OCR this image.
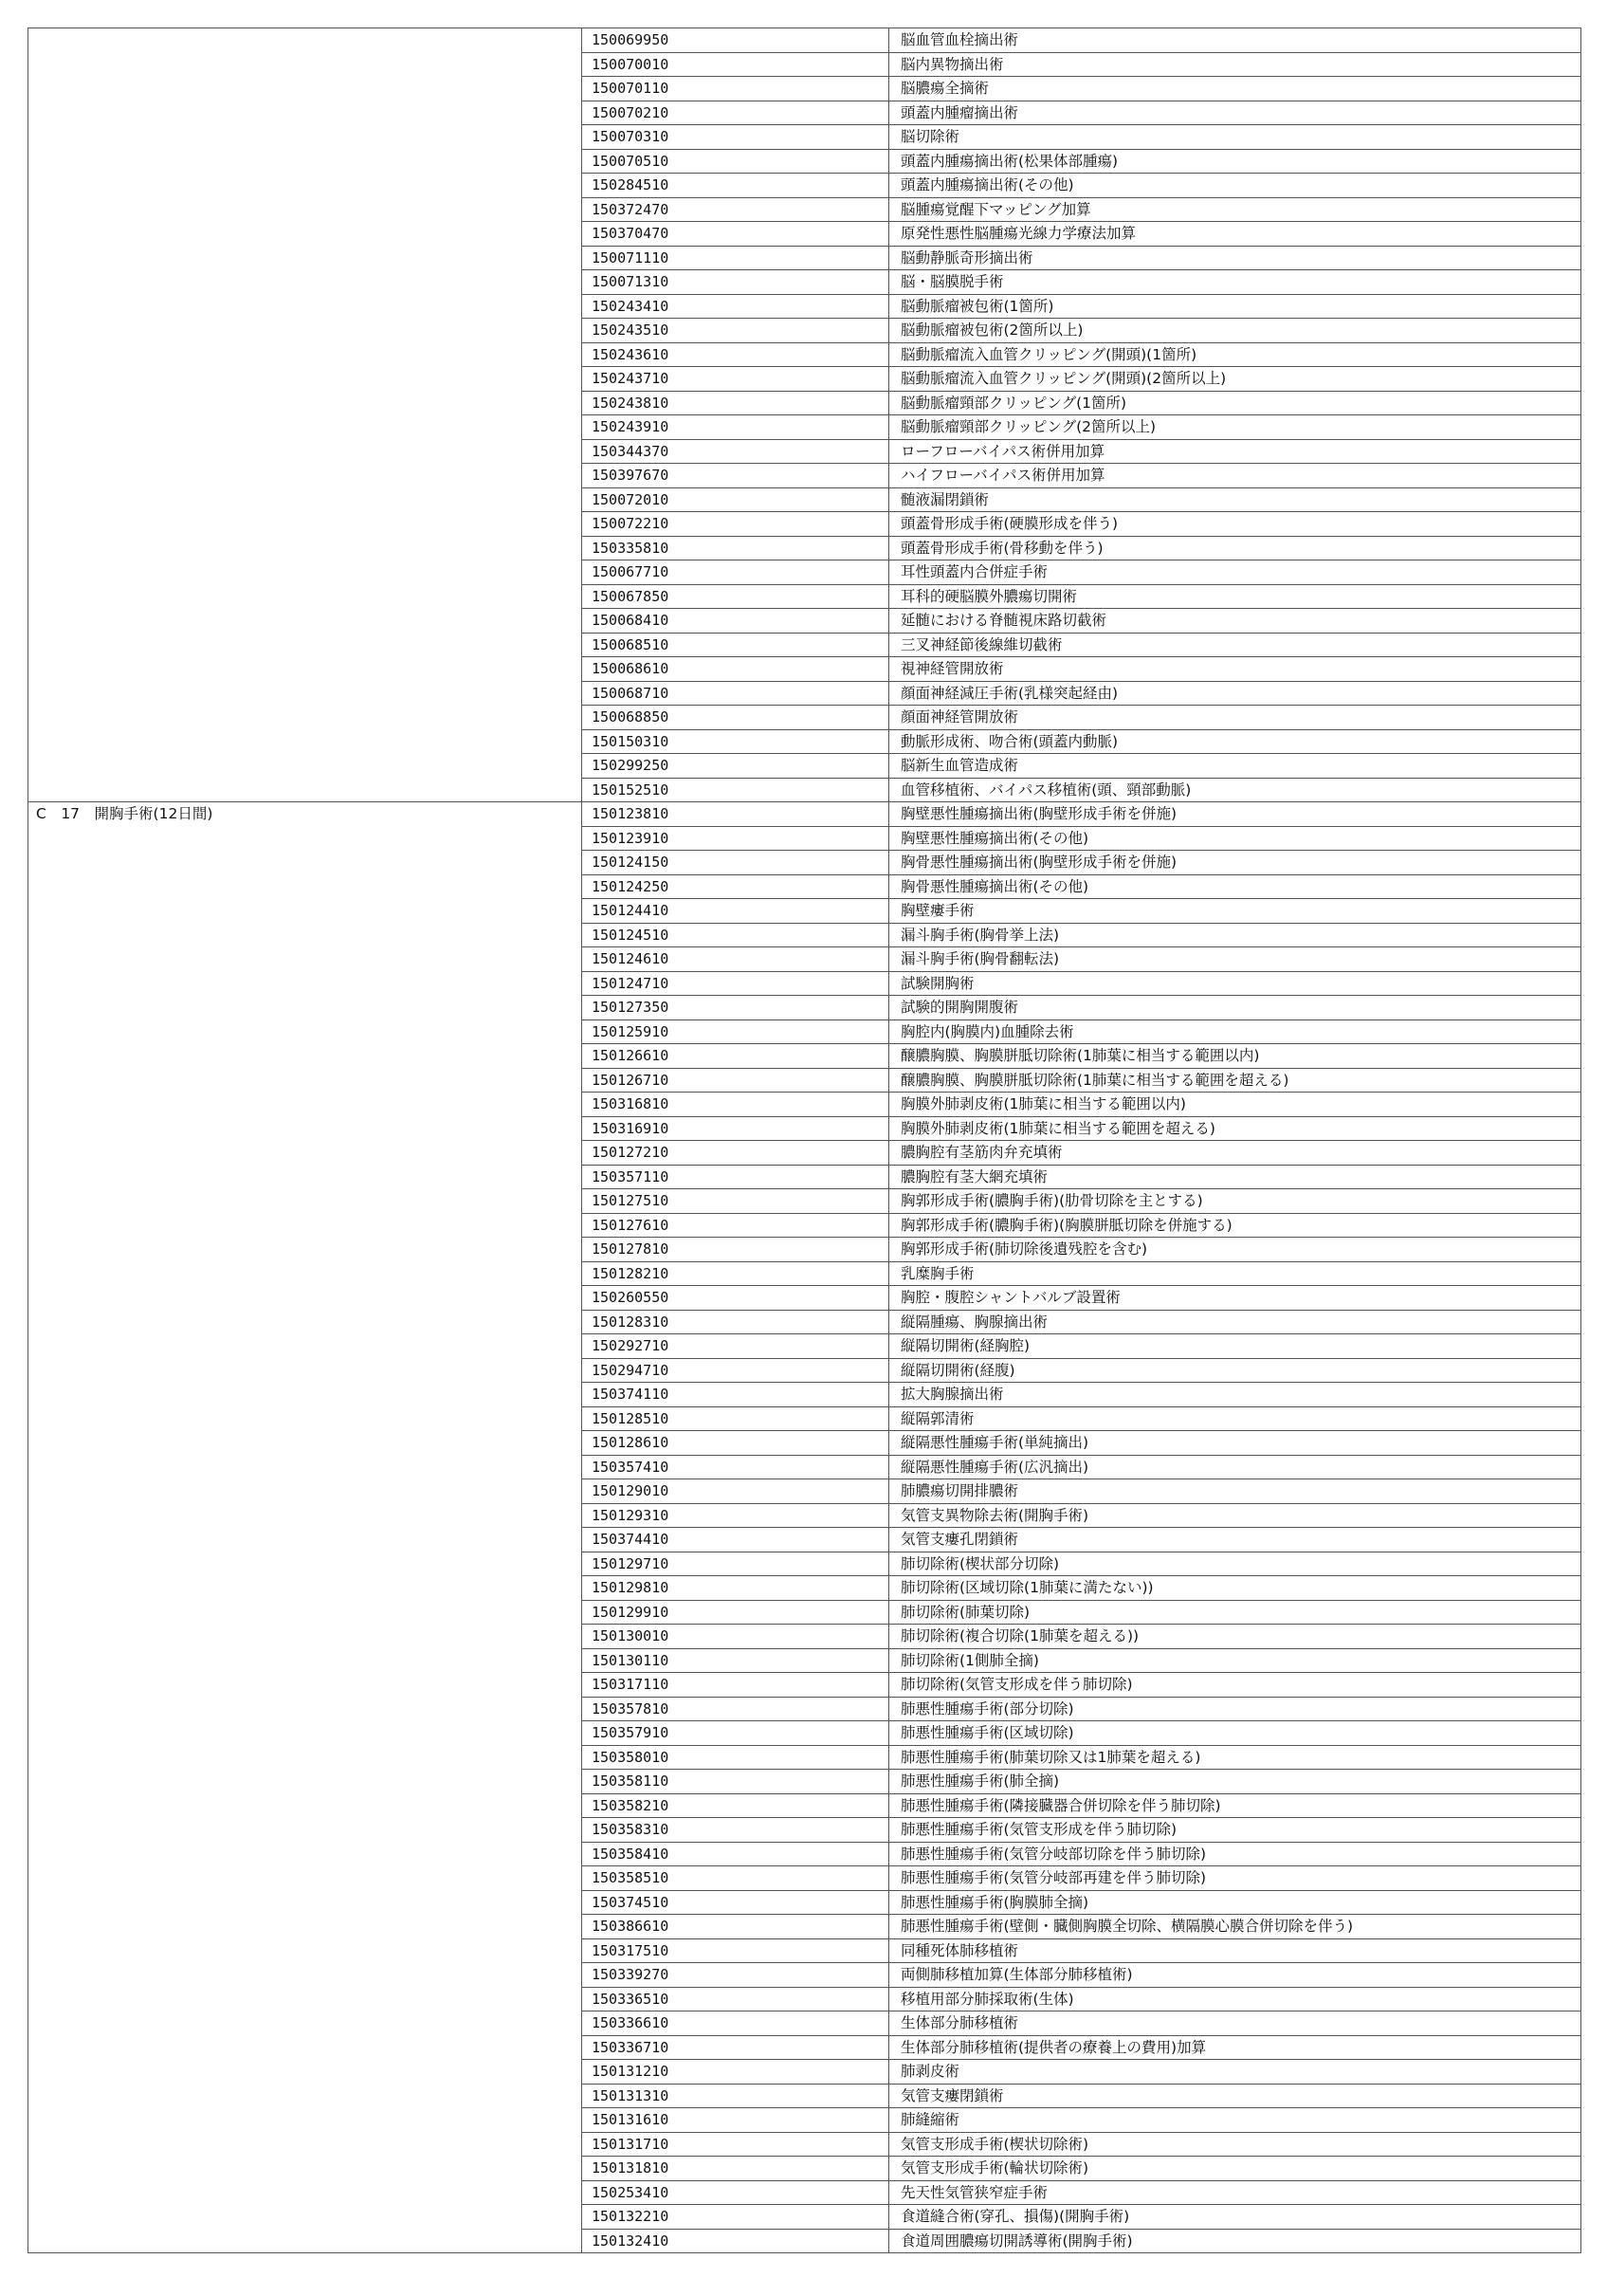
	150069950	脳血管血栓摘出術
	150070010	脳内異物摘出術
	150070110	脳膿瘍全摘術
	150070210	頭蓋内腫瘤摘出術
	150070310	脳切除術
	150070510	頭蓋内腫瘍摘出術(松果体部腫瘍)
	150284510	頭蓋内腫瘍摘出術(その他)
	150372470	脳腫瘍覚醒下マッピング加算
	150370470	原発性悪性脳腫瘍光線力学療法加算
	150071110	脳動静脈奇形摘出術
	150071310	脳・脳膜脱手術
	150243410	脳動脈瘤被包術(1箇所)
	150243510	脳動脈瘤被包術(2箇所以上)
	150243610	脳動脈瘤流入血管クリッピング(開頭)(1箇所)
	150243710	脳動脈瘤流入血管クリッピング(開頭)(2箇所以上)
	150243810	脳動脈瘤頸部クリッピング(1箇所)
	150243910	脳動脈瘤頸部クリッピング(2箇所以上)
	150344370	ローフローバイパス術併用加算
	150397670	ハイフローバイパス術併用加算
	150072010	髄液漏閉鎖術
	150072210	頭蓋骨形成手術(硬膜形成を伴う)
	150335810	頭蓋骨形成手術(骨移動を伴う)
	150067710	耳性頭蓋内合併症手術
	150067850	耳科的硬脳膜外膿瘍切開術
	150068410	延髄における脊髄視床路切截術
	150068510	三叉神経節後線維切截術
	150068610	視神経管開放術
	150068710	顔面神経減圧手術(乳様突起経由)
	150068850	顔面神経管開放術
	150150310	動脈形成術、吻合術(頭蓋内動脈)
	150299250	脳新生血管造成術
	150152510	血管移植術、バイパス移植術(頭、頸部動脈)
C　17　開胸手術(12日間)	150123810	胸壁悪性腫瘍摘出術(胸壁形成手術を併施)
	150123910	胸壁悪性腫瘍摘出術(その他)
	150124150	胸骨悪性腫瘍摘出術(胸壁形成手術を併施)
	150124250	胸骨悪性腫瘍摘出術(その他)
	150124410	胸壁瘻手術
	150124510	漏斗胸手術(胸骨挙上法)
	150124610	漏斗胸手術(胸骨翻転法)
	150124710	試験開胸術
	150127350	試験的開胸開腹術
	150125910	胸腔内(胸膜内)血腫除去術
	150126610	醸膿胸膜、胸膜胼胝切除術(1肺葉に相当する範囲以内)
	150126710	醸膿胸膜、胸膜胼胝切除術(1肺葉に相当する範囲を超える)
	150316810	胸膜外肺剥皮術(1肺葉に相当する範囲以内)
	150316910	胸膜外肺剥皮術(1肺葉に相当する範囲を超える)
	150127210	膿胸腔有茎筋肉弁充填術
	150357110	膿胸腔有茎大網充填術
	150127510	胸郭形成手術(膿胸手術)(肋骨切除を主とする)
	150127610	胸郭形成手術(膿胸手術)(胸膜胼胝切除を併施する)
	150127810	胸郭形成手術(肺切除後遺残腔を含む)
	150128210	乳糜胸手術
	150260550	胸腔・腹腔シャントバルブ設置術
	150128310	縦隔腫瘍、胸腺摘出術
	150292710	縦隔切開術(経胸腔)
	150294710	縦隔切開術(経腹)
	150374110	拡大胸腺摘出術
	150128510	縦隔郭清術
	150128610	縦隔悪性腫瘍手術(単純摘出)
	150357410	縦隔悪性腫瘍手術(広汎摘出)
	150129010	肺膿瘍切開排膿術
	150129310	気管支異物除去術(開胸手術)
	150374410	気管支瘻孔閉鎖術
	150129710	肺切除術(楔状部分切除)
	150129810	肺切除術(区域切除(1肺葉に満たない))
	150129910	肺切除術(肺葉切除)
	150130010	肺切除術(複合切除(1肺葉を超える))
	150130110	肺切除術(1側肺全摘)
	150317110	肺切除術(気管支形成を伴う肺切除)
	150357810	肺悪性腫瘍手術(部分切除)
	150357910	肺悪性腫瘍手術(区域切除)
	150358010	肺悪性腫瘍手術(肺葉切除又は1肺葉を超える)
	150358110	肺悪性腫瘍手術(肺全摘)
	150358210	肺悪性腫瘍手術(隣接臓器合併切除を伴う肺切除)
	150358310	肺悪性腫瘍手術(気管支形成を伴う肺切除)
	150358410	肺悪性腫瘍手術(気管分岐部切除を伴う肺切除)
	150358510	肺悪性腫瘍手術(気管分岐部再建を伴う肺切除)
	150374510	肺悪性腫瘍手術(胸膜肺全摘)
	150386610	肺悪性腫瘍手術(壁側・臓側胸膜全切除、横隔膜心膜合併切除を伴う)
	150317510	同種死体肺移植術
	150339270	両側肺移植加算(生体部分肺移植術)
	150336510	移植用部分肺採取術(生体)
	150336610	生体部分肺移植術
	150336710	生体部分肺移植術(提供者の療養上の費用)加算
	150131210	肺剥皮術
	150131310	気管支瘻閉鎖術
	150131610	肺縫縮術
	150131710	気管支形成手術(楔状切除術)
	150131810	気管支形成手術(輪状切除術)
	150253410	先天性気管狭窄症手術
	150132210	食道縫合術(穿孔、損傷)(開胸手術)
	150132410	食道周囲膿瘍切開誘導術(開胸手術)
